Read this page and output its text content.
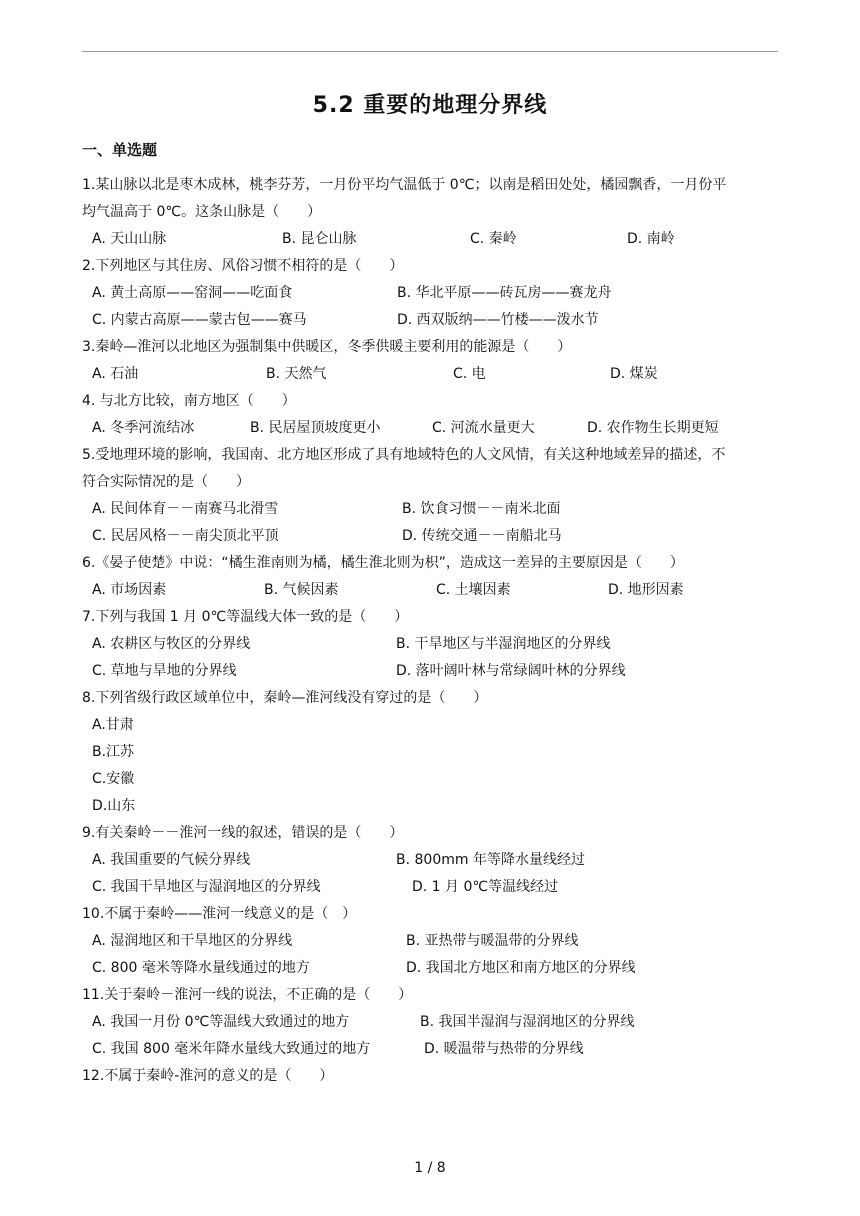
5.2 重要的地理分界线
一、单选题
1.某山脉以北是枣木成林，桃李芬芳，一月份平均气温低于 0℃；以南是稻田处处，橘园飘香，一月份平
均气温高于 0℃。这条山脉是（　　）
A. 天山山脉	B. 昆仑山脉	C. 秦岭	D. 南岭
2.下列地区与其住房、风俗习惯不相符的是（　　）
A. 黄土高原——窑洞——吃面食	B. 华北平原——砖瓦房——赛龙舟
C. 内蒙古高原——蒙古包——赛马	D. 西双版纳——竹楼——泼水节
3.秦岭—淮河以北地区为强制集中供暖区，冬季供暖主要利用的能源是（　　）
A. 石油	B. 天然气	C. 电	D. 煤炭
4. 与北方比较，南方地区（　　）
A. 冬季河流结冰	B. 民居屋顶坡度更小	C. 河流水量更大	D. 农作物生长期更短
5.受地理环境的影响，我国南、北方地区形成了具有地域特色的人文风情，有关这种地域差异的描述，不
符合实际情况的是（　　）
A. 民间体育－－南赛马北滑雪	B. 饮食习惯－－南米北面
C. 民居风格－－南尖顶北平顶	D. 传统交通－－南船北马
6.《晏子使楚》中说：“橘生淮南则为橘，橘生淮北则为枳”，造成这一差异的主要原因是（　　）
A. 市场因素	B. 气候因素	C. 土壤因素	D. 地形因素
7.下列与我国 1 月 0℃等温线大体一致的是（　　）
A. 农耕区与牧区的分界线	B. 干旱地区与半湿润地区的分界线
C. 草地与旱地的分界线	D. 落叶阔叶林与常绿阔叶林的分界线
8.下列省级行政区域单位中，秦岭—淮河线没有穿过的是（　　）
A.甘肃
B.江苏
C.安徽
D.山东
9.有关秦岭－－淮河一线的叙述，错误的是（　　）
A. 我国重要的气候分界线	B. 800mm 年等降水量线经过
C. 我国干旱地区与湿润地区的分界线	D. 1 月 0℃等温线经过
10.不属于秦岭——淮河一线意义的是（　）
A. 湿润地区和干旱地区的分界线	B. 亚热带与暖温带的分界线
C. 800 毫米等降水量线通过的地方	D. 我国北方地区和南方地区的分界线
11.关于秦岭－淮河一线的说法，不正确的是（　　）
A. 我国一月份 0℃等温线大致通过的地方	B. 我国半湿润与湿润地区的分界线
C. 我国 800 毫米年降水量线大致通过的地方	D. 暖温带与热带的分界线
12.不属于秦岭-淮河的意义的是（　　）
1 / 8
